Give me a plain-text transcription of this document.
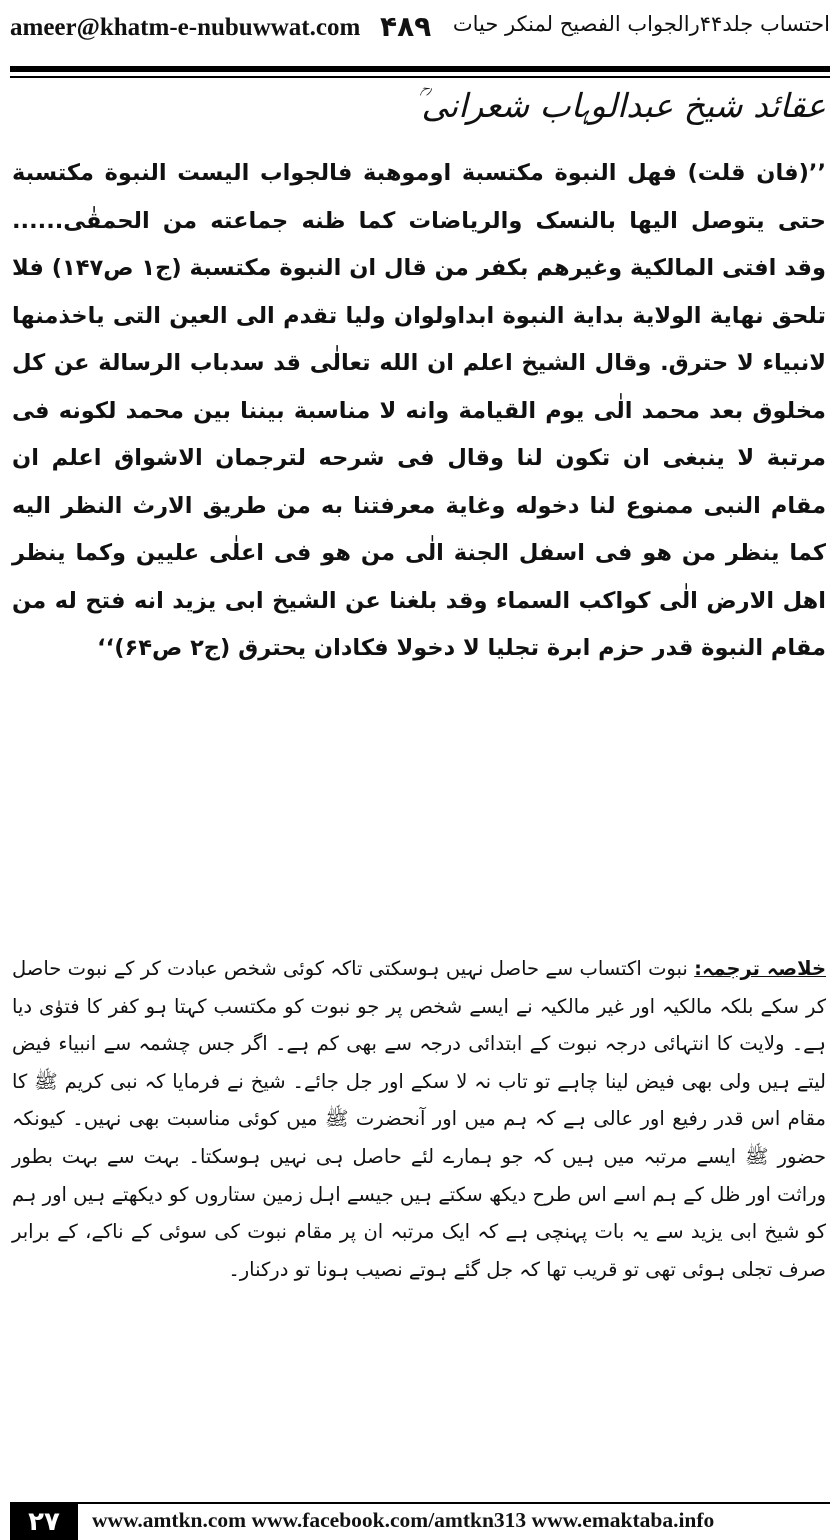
ameer@khatm-e-nubuwwat.com ۴۸۹ احتساب جلد۴۴رالجواب الفصیح لمنکر حیات
عقائد شیخ عبدالوہاب شعرانی ؒ
’’(فان قلت) فهل النبوة مكتسبة اوموهبة فالجواب اليست النبوة مكتسبة حتى يتوصل اليها بالنسک والرياضات كما ظنه جماعته من الحمقٰى...... وقد افتى المالكية وغيرهم بكفر من قال ان النبوة مكتسبة (ج۱ ص۱۴۷) فلا تلحق نهاية الولاية بداية النبوة ابداولوان وليا تقدم الى العين التى ياخذمنها لانبياء لا حترق. وقال الشيخ اعلم ان الله تعالٰى قد سدباب الرسالة عن كل مخلوق بعد محمد الٰى يوم القيامة وانه لا مناسبة بيننا بين محمد لكونه فى مرتبة لا ينبغى ان تكون لنا وقال فى شرحه لترجمان الاشواق اعلم ان مقام النبى ممنوع لنا دخوله وغاية معرفتنا به من طريق الارث النظر اليه كما ينظر من هو فى اسفل الجنة الٰى من هو فى اعلٰى عليين وكما ينظر اهل الارض الٰى كواكب السماء وقد بلغنا عن الشيخ ابى يزيد انه فتح له من مقام النبوة قدر حزم ابرة تجليا لا دخولا فكادان يحترق (ج۲ ص۶۴)‘‘
خلاصہ ترجمہ: نبوت اکتساب سے حاصل نہیں ہوسکتی تاکہ کوئی شخص عبادت کر کے نبوت حاصل کر سکے بلکہ مالکیہ اور غیر مالکیہ نے ایسے شخص پر جو نبوت کو مکتسب کہتا ہو کفر کا فتوٰی دیا ہے۔ ولایت کا انتہائی درجہ نبوت کے ابتدائی درجہ سے بھی کم ہے۔ اگر جس چشمہ سے انبیاء فیض لیتے ہیں ولی بھی فیض لینا چاہے تو تاب نہ لا سکے اور جل جائے۔ شیخ نے فرمایا کہ نبی کریم ﷺ کا مقام اس قدر رفیع اور عالی ہے کہ ہم میں اور آنحضرت ﷺ میں کوئی مناسبت بھی نہیں۔ کیونکہ حضور ﷺ ایسے مرتبہ میں ہیں کہ جو ہمارے لئے حاصل ہی نہیں ہوسکتا۔ بہت سے بہت بطور وراثت اور ظل کے ہم اسے اس طرح دیکھ سکتے ہیں جیسے اہل زمین ستاروں کو دیکھتے ہیں اور ہم کو شیخ ابی یزید سے یہ بات پہنچی ہے کہ ایک مرتبہ ان پر مقام نبوت کی سوئی کے ناکے، کے برابر صرف تجلی ہوئی تھی تو قریب تھا کہ جل گئے ہوتے نصیب ہونا تو درکنار۔
۲۷	www.amtkn.com www.facebook.com/amtkn313 www.emaktaba.info
